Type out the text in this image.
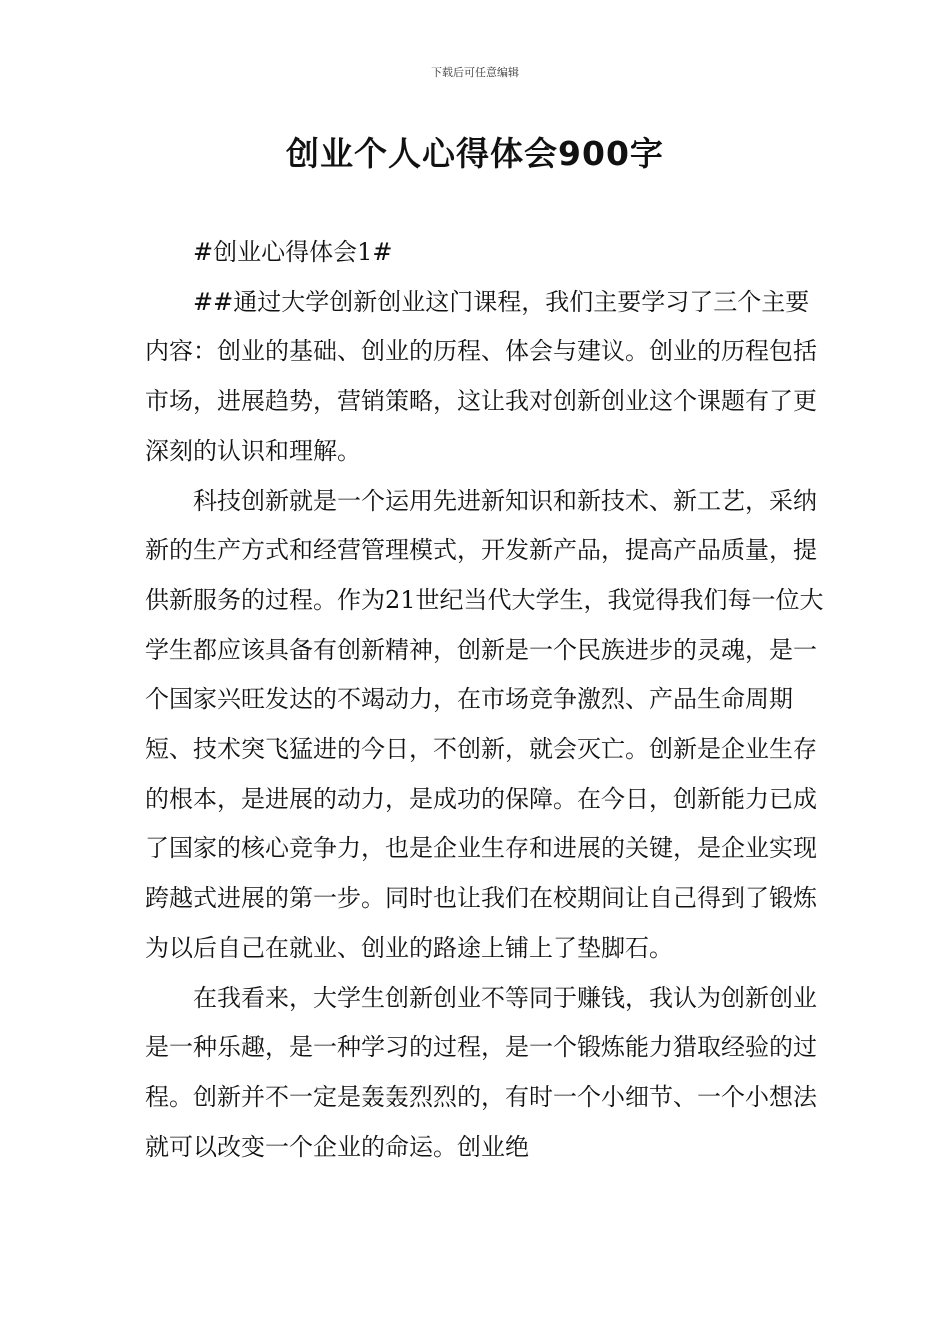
下载后可任意编辑
创业个人心得体会900字

#创业心得体会1#

##通过大学创新创业这门课程，我们主要学习了三个主要内容：创业的基础、创业的历程、体会与建议。创业的历程包括市场，进展趋势，营销策略，这让我对创新创业这个课题有了更深刻的认识和理解。

科技创新就是一个运用先进新知识和新技术、新工艺，采纳新的生产方式和经营管理模式，开发新产品，提高产品质量，提供新服务的过程。作为21世纪当代大学生，我觉得我们每一位大学生都应该具备有创新精神，创新是一个民族进步的灵魂，是一个国家兴旺发达的不竭动力，在市场竞争激烈、产品生命周期短、技术突飞猛进的今日，不创新，就会灭亡。创新是企业生存的根本，是进展的动力，是成功的保障。在今日，创新能力已成了国家的核心竞争力，也是企业生存和进展的关键，是企业实现跨越式进展的第一步。同时也让我们在校期间让自己得到了锻炼为以后自己在就业、创业的路途上铺上了垫脚石。

在我看来，大学生创新创业不等同于赚钱，我认为创新创业是一种乐趣，是一种学习的过程，是一个锻炼能力猎取经验的过程。创新并不一定是轰轰烈烈的，有时一个小细节、一个小想法就可以改变一个企业的命运。创业绝
